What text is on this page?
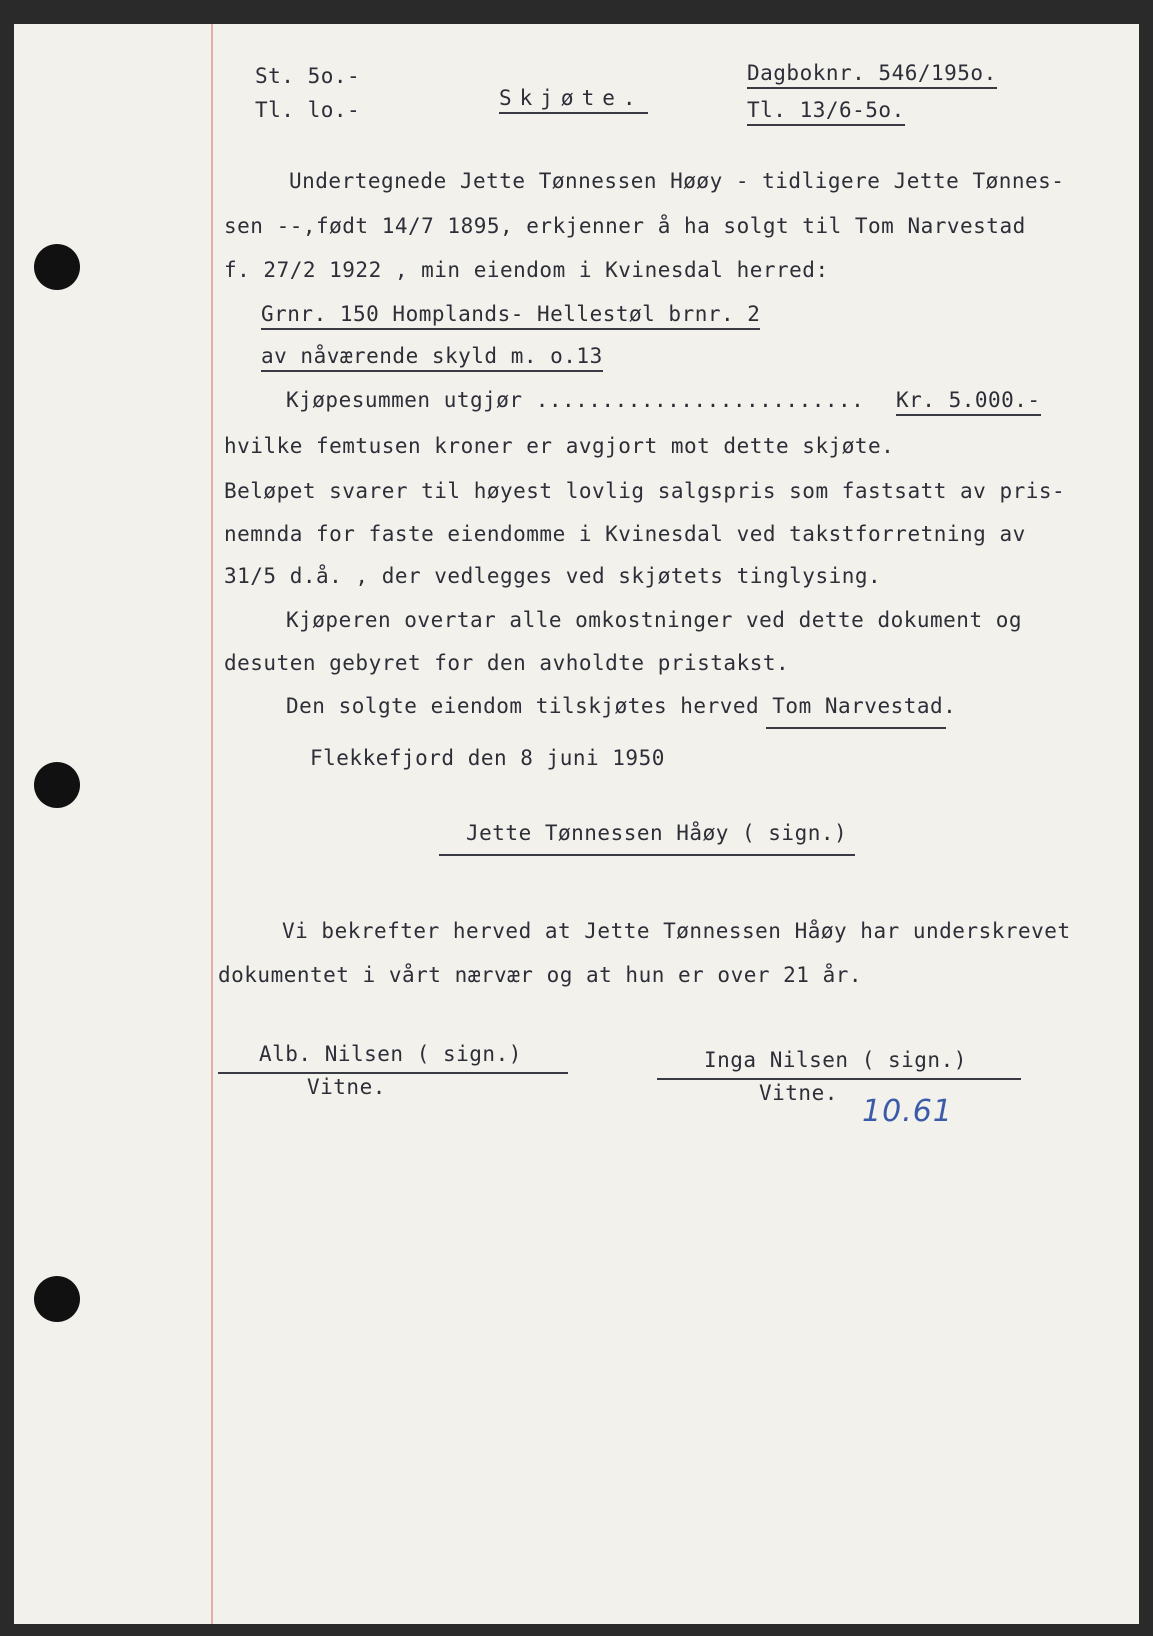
St. 5o.-
Tl. lo.-	Skjøte.
Dagboknr. 546/195o.
Tl. 13/6-5o.
Undertegnede Jette Tønnessen Høøy - tidligere Jette Tønnes-
sen --,født 14/7 1895, erkjenner å ha solgt til Tom Narvestad
f. 27/2 1922 , min eiendom i Kvinesdal herred:
Grnr. 150 Homplands- Hellestøl brnr. 2
av nåværende skyld m. o.13
Kjøpesummen utgjør ......................... Kr. 5.000.-
hvilke femtusen kroner er avgjort mot dette skjøte.
Beløpet svarer til høyest lovlig salgspris som fastsatt av pris-
nemnda for faste eiendomme i Kvinesdal ved takstforretning av
31/5 d.å. , der vedlegges ved skjøtets tinglysing.
Kjøperen overtar alle omkostninger ved dette dokument og
desuten gebyret for den avholdte pristakst.
Den solgte eiendom tilskjøtes herved Tom Narvestad.
Flekkefjord den 8 juni 1950
Jette Tønnessen Håøy ( sign.)
Vi bekrefter herved at Jette Tønnessen Håøy har underskrevet
dokumentet i vårt nærvær og at hun er over 21 år.
Alb. Nilsen ( sign.)
Vitne.
Inga Nilsen ( sign.)
Vitne.
10.61
